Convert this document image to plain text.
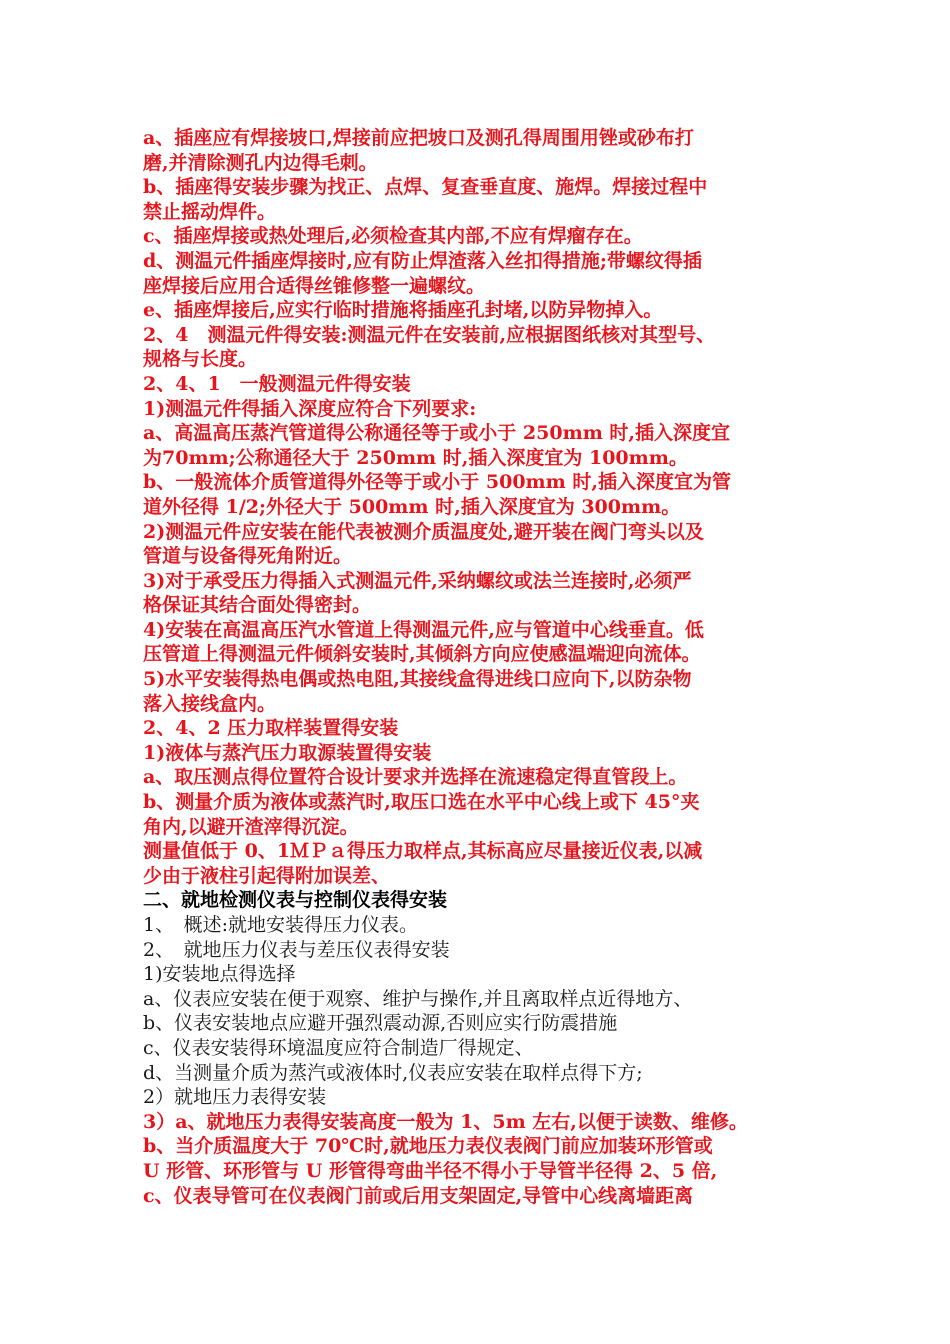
a、插座应有焊接坡口,焊接前应把坡口及测孔得周围用锉或砂布打
磨,并清除测孔内边得毛刺。
b、插座得安装步骤为找正、点焊、复查垂直度、施焊。焊接过程中
禁止摇动焊件。
c、插座焊接或热处理后,必须检查其内部,不应有焊瘤存在。
d、测温元件插座焊接时,应有防止焊渣落入丝扣得措施;带螺纹得插
座焊接后应用合适得丝锥修整一遍螺纹。
e、插座焊接后,应实行临时措施将插座孔封堵,以防异物掉入。
2、4　测温元件得安装:测温元件在安装前,应根据图纸核对其型号、
规格与长度。
2、4、1　一般测温元件得安装
1)测温元件得插入深度应符合下列要求:
a、高温高压蒸汽管道得公称通径等于或小于 250mm 时,插入深度宜
为70mm;公称通径大于 250mm 时,插入深度宜为 100mm。
b、一般流体介质管道得外径等于或小于 500mm 时,插入深度宜为管
道外径得 1/2;外径大于 500mm 时,插入深度宜为 300mm。
2)测温元件应安装在能代表被测介质温度处,避开装在阀门弯头以及
管道与设备得死角附近。
3)对于承受压力得插入式测温元件,采纳螺纹或法兰连接时,必须严
格保证其结合面处得密封。
4)安装在高温高压汽水管道上得测温元件,应与管道中心线垂直。低
压管道上得测温元件倾斜安装时,其倾斜方向应使感温端迎向流体。
5)水平安装得热电偶或热电阻,其接线盒得进线口应向下,以防杂物
落入接线盒内。
2、4、2 压力取样装置得安装
1)液体与蒸汽压力取源装置得安装
a、取压测点得位置符合设计要求并选择在流速稳定得直管段上。
b、测量介质为液体或蒸汽时,取压口选在水平中心线上或下 45°夹
角内,以避开渣滓得沉淀。
测量值低于 0、1ＭＰａ得压力取样点,其标高应尽量接近仪表,以减
少由于液柱引起得附加误差、
二、就地检测仪表与控制仪表得安装
1、　概述:就地安装得压力仪表。
2、　就地压力仪表与差压仪表得安装
1)安装地点得选择
a、仪表应安装在便于观察、维护与操作,并且离取样点近得地方、
b、仪表安装地点应避开强烈震动源,否则应实行防震措施
c、仪表安装得环境温度应符合制造厂得规定、
d、当测量介质为蒸汽或液体时,仪表应安装在取样点得下方;
2）就地压力表得安装
3）a、就地压力表得安装高度一般为 1、5m 左右,以便于读数、维修。
b、当介质温度大于 70℃时,就地压力表仪表阀门前应加装环形管或
U 形管、环形管与 U 形管得弯曲半径不得小于导管半径得 2、5 倍,
c、仪表导管可在仪表阀门前或后用支架固定,导管中心线离墙距离
